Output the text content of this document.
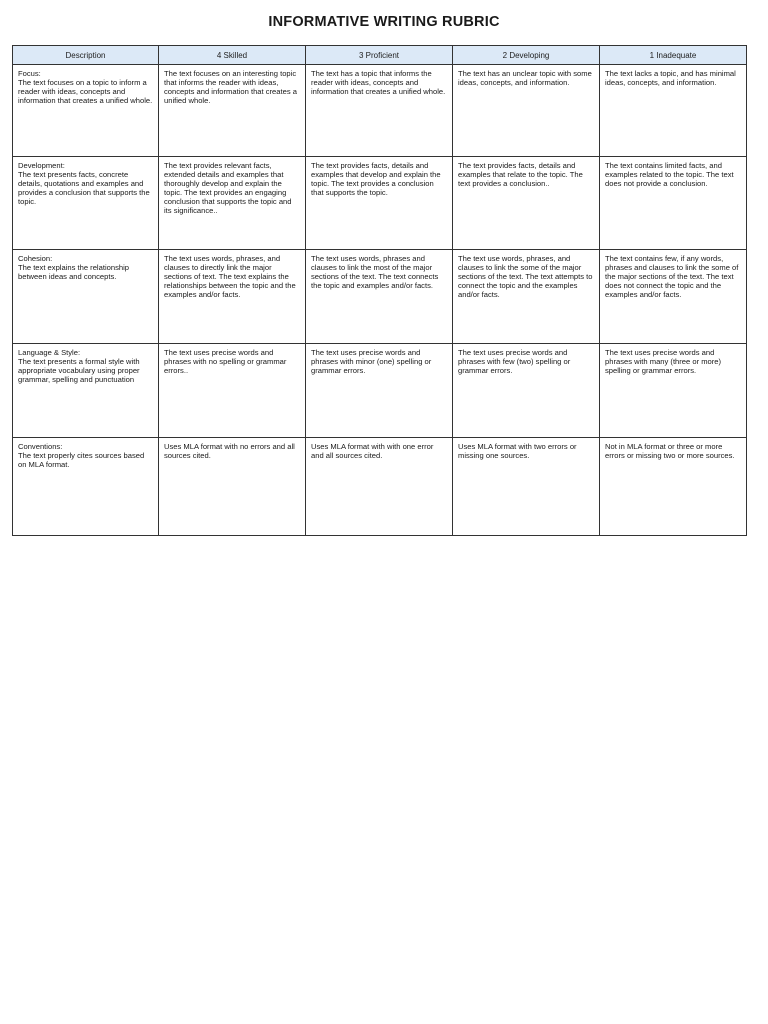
INFORMATIVE WRITING RUBRIC
Description	4 Skilled	3 Proficient	2 Developing	1 Inadequate

Focus:
The text focuses on a topic to inform a reader with ideas, concepts and information that creates a unified whole.	The text focuses on an interesting topic that informs the reader with ideas, concepts and information that creates a unified whole.	The text has a topic that informs the reader with ideas, concepts and information that creates a unified whole.	The text has an unclear topic with some ideas, concepts, and information.	The text lacks a topic, and has minimal ideas, concepts, and information.

Development:
The text presents facts, concrete details, quotations and examples and provides a conclusion that supports the topic.	The text provides relevant facts, extended details and examples that thoroughly develop and explain the topic. The text provides an engaging conclusion that supports the topic and its significance..	The text provides facts, details and examples that develop and explain the topic. The text provides a conclusion that supports the topic.	The text provides facts, details and examples that relate to the topic. The text provides a conclusion..	The text contains limited facts, and examples related to the topic. The text does not provide a conclusion.

Cohesion:
The text explains the relationship between ideas and concepts.	The text uses words, phrases, and clauses to directly link the major sections of text. The text explains the relationships between the topic and the examples and/or facts.	The text uses words, phrases and clauses to link the most of the major sections of the text. The text connects the topic and examples and/or facts.	The text use words, phrases, and clauses to link the some of the major sections of the text. The text attempts to connect the topic and the examples and/or facts.	The text contains few, if any words, phrases and clauses to link the some of the major sections of the text. The text does not connect the topic and the examples and/or facts.

Language & Style:
The text presents a formal style with appropriate vocabulary using proper grammar, spelling and punctuation	The text uses precise words and phrases with no spelling or grammar errors..	The text uses precise words and phrases with minor (one) spelling or grammar errors.	The text uses precise words and phrases with few (two) spelling or grammar errors.	The text uses precise words and phrases with many (three or more) spelling or grammar errors.

Conventions:
The text properly cites sources based on MLA format.	Uses MLA format with no errors and all sources cited.	Uses MLA format with with one error and all sources cited.	Uses MLA format with two errors or missing one sources.	Not in MLA format or three or more errors or missing two or more sources.
